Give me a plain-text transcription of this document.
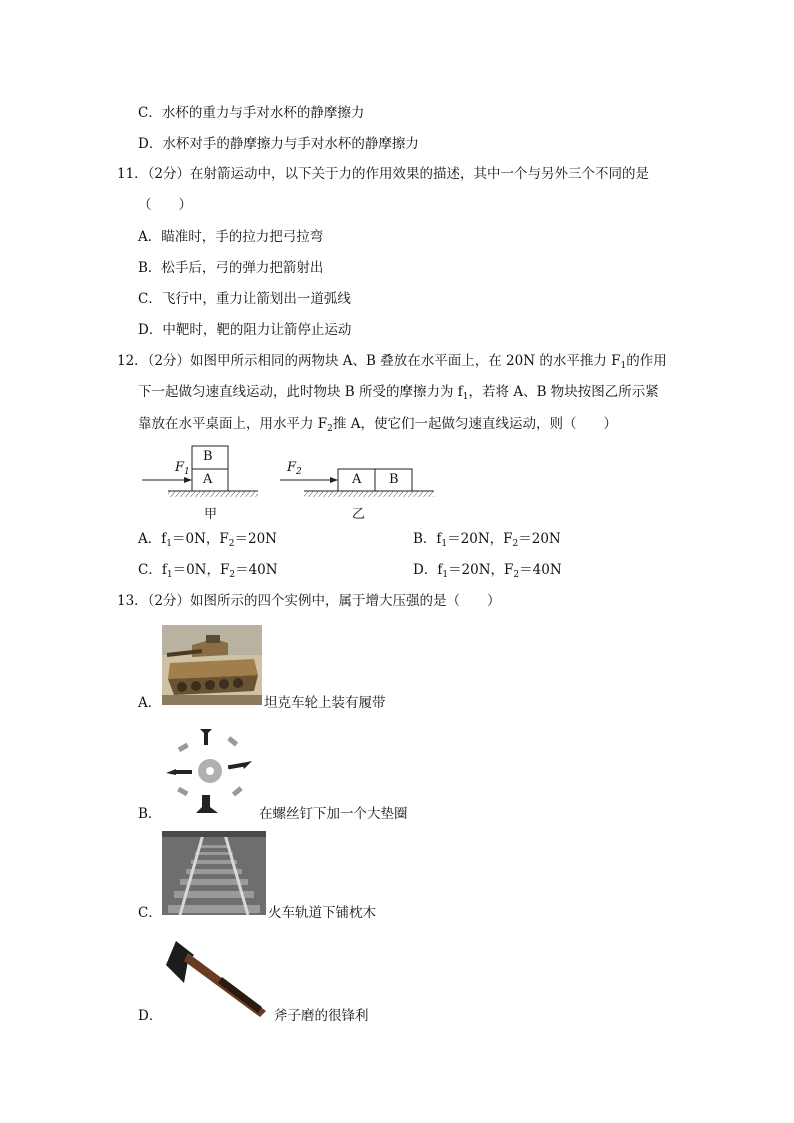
C．水杯的重力与手对水杯的静摩擦力
D．水杯对手的静摩擦力与手对水杯的静摩擦力
11．（2分）在射箭运动中，以下关于力的作用效果的描述，其中一个与另外三个不同的是
（　　）
A．瞄准时，手的拉力把弓拉弯
B．松手后，弓的弹力把箭射出
C．飞行中，重力让箭划出一道弧线
D．中靶时，靶的阻力让箭停止运动
12．（2分）如图甲所示相同的两物块 A、B 叠放在水平面上，在 20N 的水平推力 $F_1$的作用
下一起做匀速直线运动，此时物块 B 所受的摩擦力为 $f_1$，若将 A、B 物块按图乙所示紧
靠放在水平桌面上，用水平力 $F_2$推 A，使它们一起做匀速直线运动，则（　　）
B
A
$F_1$
甲
A B
$F_2$
乙
A．$f_1=0N$，$F_2=20N$	B．$f_1=20N$，$F_2=20N$
C．$f_1=0N$，$F_2=40N$	D．$f_1=20N$，$F_2=40N$
13．（2分）如图所示的四个实例中，属于增大压强的是（　　）
A．	坦克车轮上装有履带
B．	在螺丝钉下加一个大垫圈
C．	火车轨道下铺枕木
D．	斧子磨的很锋利
